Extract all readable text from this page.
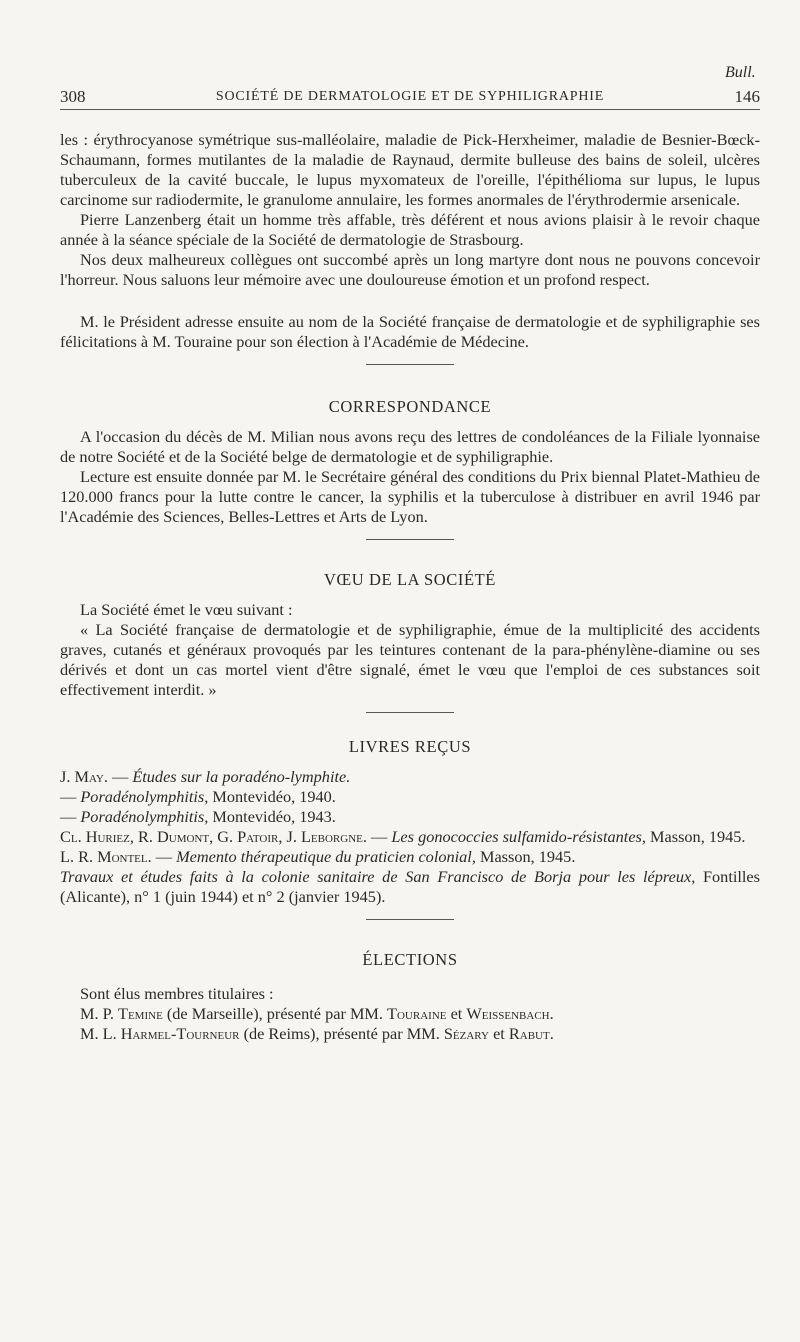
Bull.
308	SOCIÉTÉ DE DERMATOLOGIE ET DE SYPHILIGRAPHIE	146

les : érythrocyanose symétrique sus-malléolaire, maladie de Pick-Herxheimer, maladie de Besnier-Bœck-Schaumann, formes mutilantes de la maladie de Raynaud, dermite bulleuse des bains de soleil, ulcères tuberculeux de la cavité buccale, le lupus myxomateux de l'oreille, l'épithélioma sur lupus, le lupus carcinome sur radiodermite, le granulome annulaire, les formes anormales de l'érythrodermie arsenicale.

Pierre Lanzenberg était un homme très affable, très déférent et nous avions plaisir à le revoir chaque année à la séance spéciale de la Société de dermatologie de Strasbourg.

Nos deux malheureux collègues ont succombé après un long martyre dont nous ne pouvons concevoir l'horreur. Nous saluons leur mémoire avec une douloureuse émotion et un profond respect.

M. le Président adresse ensuite au nom de la Société française de dermatologie et de syphiligraphie ses félicitations à M. Touraine pour son élection à l'Académie de Médecine.

CORRESPONDANCE

A l'occasion du décès de M. Milian nous avons reçu des lettres de condoléances de la Filiale lyonnaise de notre Société et de la Société belge de dermatologie et de syphiligraphie.

Lecture est ensuite donnée par M. le Secrétaire général des conditions du Prix biennal Platet-Mathieu de 120.000 francs pour la lutte contre le cancer, la syphilis et la tuberculose à distribuer en avril 1946 par l'Académie des Sciences, Belles-Lettres et Arts de Lyon.

VŒU DE LA SOCIÉTÉ

La Société émet le vœu suivant :

« La Société française de dermatologie et de syphiligraphie, émue de la multiplicité des accidents graves, cutanés et généraux provoqués par les teintures contenant de la para-phénylène-diamine ou ses dérivés et dont un cas mortel vient d'être signalé, émet le vœu que l'emploi de ces substances soit effectivement interdit. »

LIVRES REÇUS

J. May. — Études sur la poradéno-lymphite.

— Poradénolymphitis, Montevidéo, 1940.

— Poradénolymphitis, Montevidéo, 1943.

Cl. Huriez, R. Dumont, G. Patoir, J. Leborgne. — Les gonococcies sulfamido-résistantes, Masson, 1945.

L. R. Montel. — Memento thérapeutique du praticien colonial, Masson, 1945.

Travaux et études faits à la colonie sanitaire de San Francisco de Borja pour les lépreux, Fontilles (Alicante), n° 1 (juin 1944) et n° 2 (janvier 1945).

ÉLECTIONS

Sont élus membres titulaires :

M. P. Temine (de Marseille), présenté par MM. Touraine et Weissenbach.

M. L. Harmel-Tourneur (de Reims), présenté par MM. Sézary et Rabut.
